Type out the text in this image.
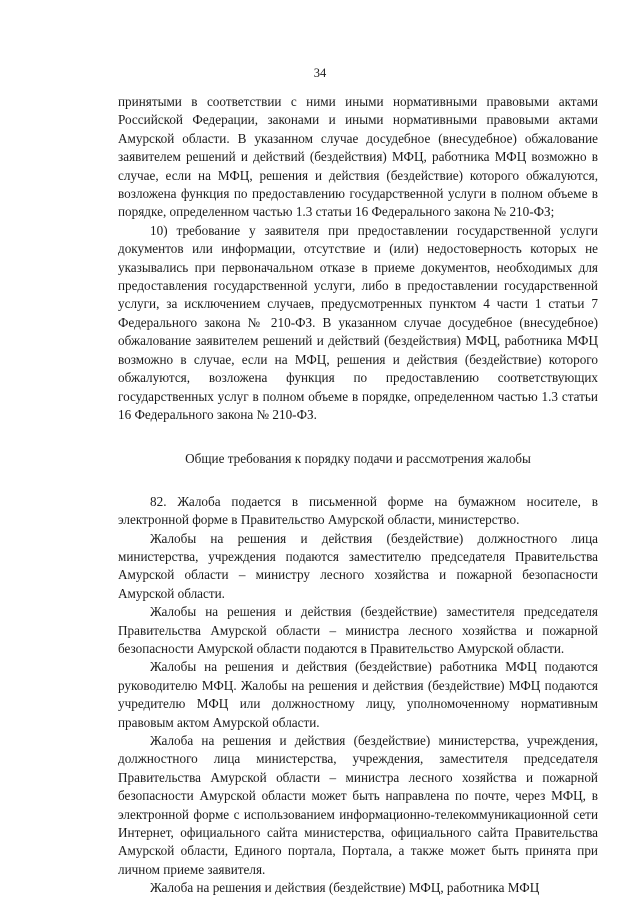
34

принятыми в соответствии с ними иными нормативными правовыми актами Российской Федерации, законами и иными нормативными правовыми актами Амурской области. В указанном случае досудебное (внесудебное) обжалование заявителем решений и действий (бездействия) МФЦ, работника МФЦ возможно в случае, если на МФЦ, решения и действия (бездействие) которого обжалуются, возложена функция по предоставлению государственной услуги в полном объеме в порядке, определенном частью 1.3 статьи 16 Федерального закона № 210-ФЗ;

10) требование у заявителя при предоставлении государственной услуги документов или информации, отсутствие и (или) недостоверность которых не указывались при первоначальном отказе в приеме документов, необходимых для предоставления государственной услуги, либо в предоставлении государственной услуги, за исключением случаев, предусмотренных пунктом 4 части 1 статьи 7 Федерального закона № 210-ФЗ. В указанном случае досудебное (внесудебное) обжалование заявителем решений и действий (бездействия) МФЦ, работника МФЦ возможно в случае, если на МФЦ, решения и действия (бездействие) которого обжалуются, возложена функция по предоставлению соответствующих государственных услуг в полном объеме в порядке, определенном частью 1.3 статьи 16 Федерального закона № 210-ФЗ.

Общие требования к порядку подачи и рассмотрения жалобы

82. Жалоба подается в письменной форме на бумажном носителе, в электронной форме в Правительство Амурской области, министерство.

Жалобы на решения и действия (бездействие) должностного лица министерства, учреждения подаются заместителю председателя Правительства Амурской области – министру лесного хозяйства и пожарной безопасности Амурской области.

Жалобы на решения и действия (бездействие) заместителя председателя Правительства Амурской области – министра лесного хозяйства и пожарной безопасности Амурской области подаются в Правительство Амурской области.

Жалобы на решения и действия (бездействие) работника МФЦ подаются руководителю МФЦ. Жалобы на решения и действия (бездействие) МФЦ подаются учредителю МФЦ или должностному лицу, уполномоченному нормативным правовым актом Амурской области.

Жалоба на решения и действия (бездействие) министерства, учреждения, должностного лица министерства, учреждения, заместителя председателя Правительства Амурской области – министра лесного хозяйства и пожарной безопасности Амурской области может быть направлена по почте, через МФЦ, в электронной форме с использованием информационно-телекоммуникационной сети Интернет, официального сайта министерства, официального сайта Правительства Амурской области, Единого портала, Портала, а также может быть принята при личном приеме заявителя.

Жалоба на решения и действия (бездействие) МФЦ, работника МФЦ
